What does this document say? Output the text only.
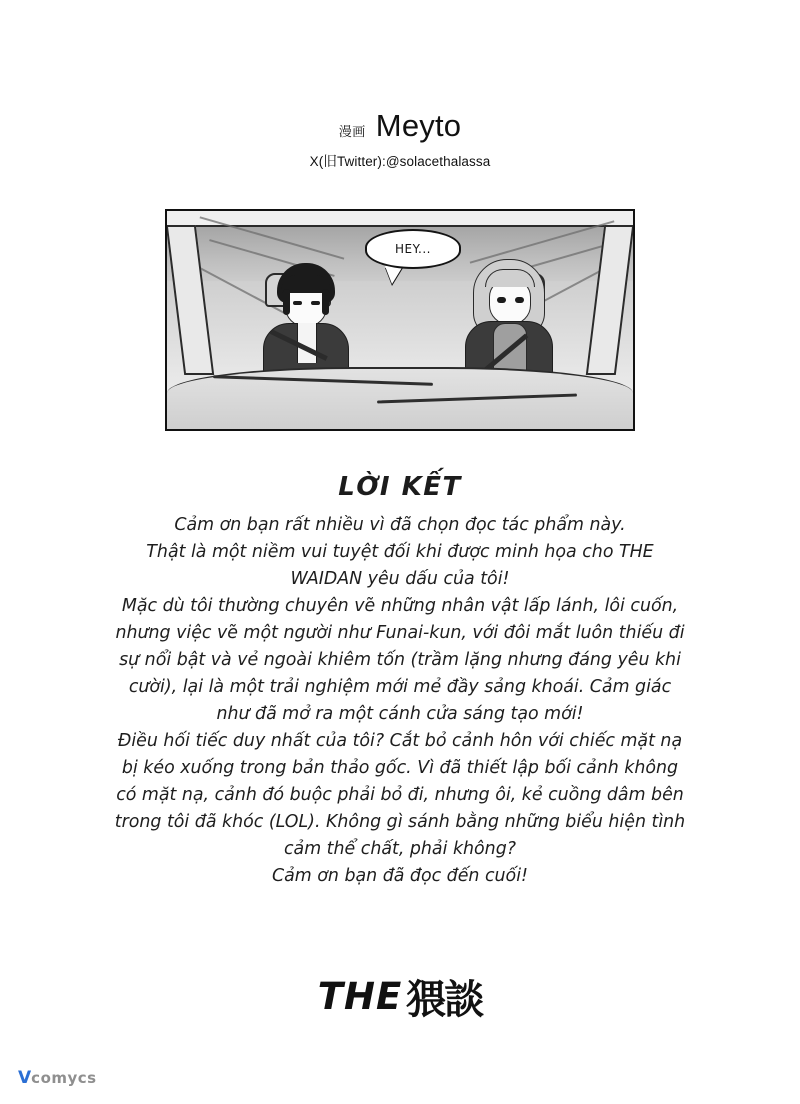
漫画 Meyto
X(旧Twitter):@solacethalassa
HEY...
LỜI KẾT

Cảm ơn bạn rất nhiều vì đã chọn đọc tác phẩm này.

Thật là một niềm vui tuyệt đối khi được minh họa cho THE WAIDAN yêu dấu của tôi!

Mặc dù tôi thường chuyên vẽ những nhân vật lấp lánh, lôi cuốn, nhưng việc vẽ một người như Funai-kun, với đôi mắt luôn thiếu đi sự nổi bật và vẻ ngoài khiêm tốn (trầm lặng nhưng đáng yêu khi cười), lại là một trải nghiệm mới mẻ đầy sảng khoái. Cảm giác như đã mở ra một cánh cửa sáng tạo mới!

Điều hối tiếc duy nhất của tôi? Cắt bỏ cảnh hôn với chiếc mặt nạ bị kéo xuống trong bản thảo gốc. Vì đã thiết lập bối cảnh không có mặt nạ, cảnh đó buộc phải bỏ đi, nhưng ôi, kẻ cuồng dâm bên trong tôi đã khóc (LOL). Không gì sánh bằng những biểu hiện tình cảm thể chất, phải không?

Cảm ơn bạn đã đọc đến cuối!

THE 猥談
V comycs
